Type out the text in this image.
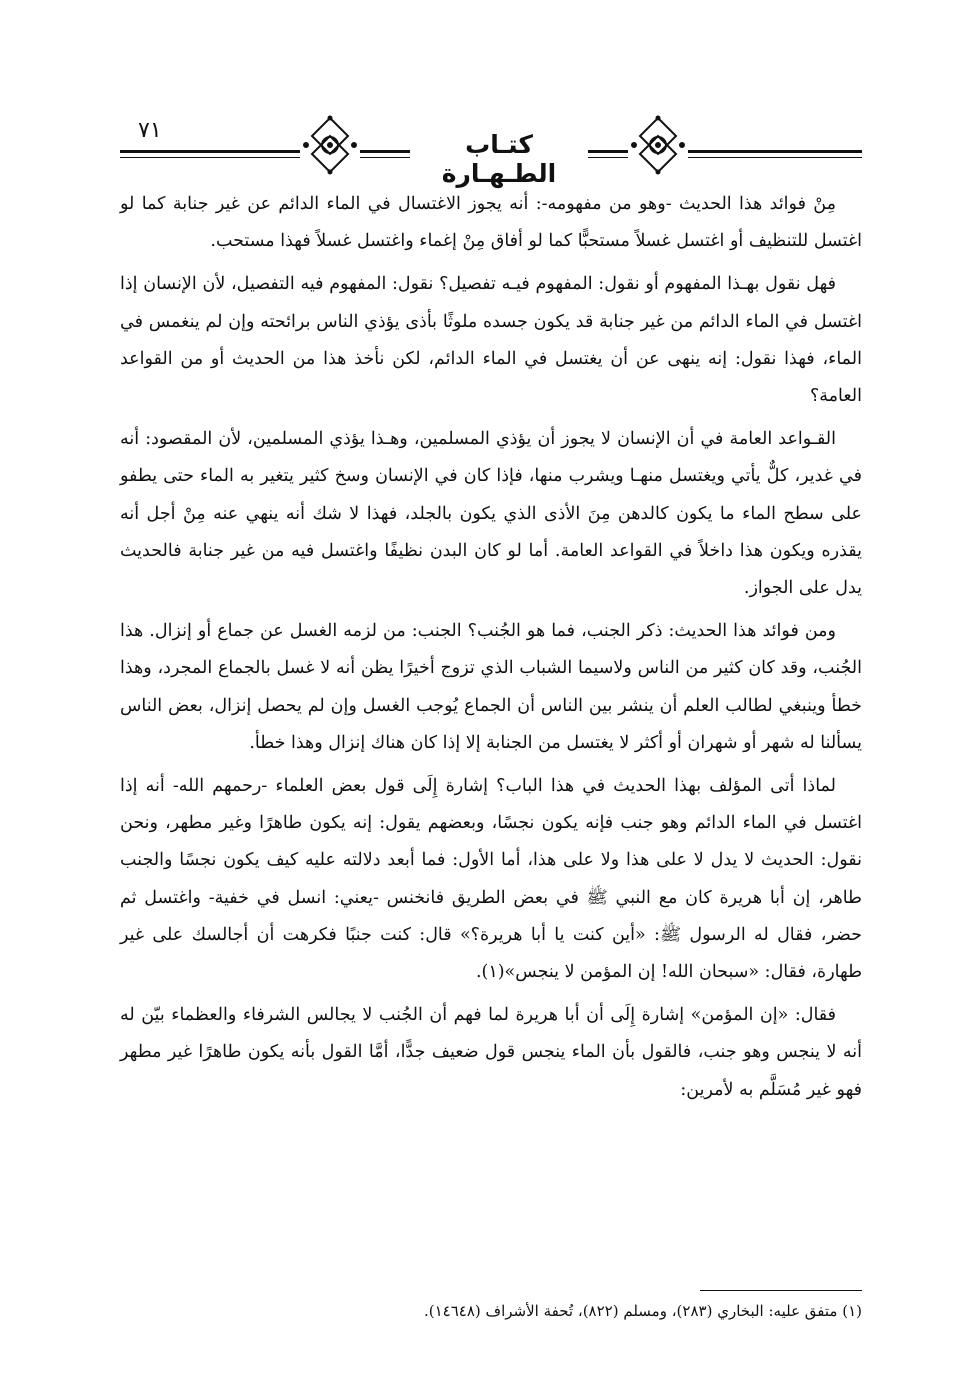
٧١	كتـاب الطـهـارة

مِنْ فوائد هذا الحديث -وهو من مفهومه-: أنه يجوز الاغتسال في الماء الدائم عن غير جنابة كما لو اغتسل للتنظيف أو اغتسل غسلاً مستحبًّا كما لو أفاق مِنْ إغماء واغتسل غسلاً فهذا مستحب.

فهل نقول بهـذا المفهوم أو نقول: المفهوم فيـه تفصيل؟ نقول: المفهوم فيه التفصيل، لأن الإنسان إذا اغتسل في الماء الدائم من غير جنابة قد يكون جسده ملوثًا بأذى يؤذي الناس برائحته وإن لم ينغمس في الماء، فهذا نقول: إنه ينهى عن أن يغتسل في الماء الدائم، لكن نأخذ هذا من الحديث أو من القواعد العامة؟

القـواعد العامة في أن الإنسان لا يجوز أن يؤذي المسلمين، وهـذا يؤذي المسلمين، لأن المقصود: أنه في غدير، كلٌّ يأتي ويغتسل منهـا ويشرب منها، فإذا كان في الإنسان وسخ كثير يتغير به الماء حتى يطفو على سطح الماء ما يكون كالدهن مِنَ الأذى الذي يكون بالجلد، فهذا لا شك أنه ينهي عنه مِنْ أجل أنه يقذره ويكون هذا داخلاً في القواعد العامة. أما لو كان البدن نظيفًا واغتسل فيه من غير جنابة فالحديث يدل على الجواز.

ومن فوائد هذا الحديث: ذكر الجنب، فما هو الجُنب؟ الجنب: من لزمه الغسل عن جماع أو إنزال. هذا الجُنب، وقد كان كثير من الناس ولاسيما الشباب الذي تزوج أخيرًا يظن أنه لا غسل بالجماع المجرد، وهذا خطأ وينبغي لطالب العلم أن ينشر بين الناس أن الجماع يُوجب الغسل وإن لم يحصل إنزال، بعض الناس يسألنا له شهر أو شهران أو أكثر لا يغتسل من الجنابة إلا إذا كان هناك إنزال وهذا خطأ.

لماذا أتى المؤلف بهذا الحديث في هذا الباب؟ إشارة إِلَى قول بعض العلماء -رحمهم الله- أنه إذا اغتسل في الماء الدائم وهو جنب فإنه يكون نجسًا، وبعضهم يقول: إنه يكون طاهرًا وغير مطهر، ونحن نقول: الحديث لا يدل لا على هذا ولا على هذا، أما الأول: فما أبعد دلالته عليه كيف يكون نجسًا والجنب طاهر، إن أبا هريرة كان مع النبي ﷺ في بعض الطريق فانخنس -يعني: انسل في خفية- واغتسل ثم حضر، فقال له الرسول ﷺ: «أين كنت يا أبا هريرة؟» قال: كنت جنبًا فكرهت أن أجالسك على غير طهارة، فقال: «سبحان الله! إن المؤمن لا ينجس»(١).

فقال: «إن المؤمن» إشارة إِلَى أن أبا هريرة لما فهم أن الجُنب لا يجالس الشرفاء والعظماء بيّن له أنه لا ينجس وهو جنب، فالقول بأن الماء ينجس قول ضعيف جدًّا، أمَّا القول بأنه يكون طاهرًا غير مطهر فهو غير مُسَلَّم به لأمرين:

(١) متفق عليه: البخاري (٢٨٣)، ومسلم (٨٢٢)، تُحفة الأشراف (١٤٦٤٨).
